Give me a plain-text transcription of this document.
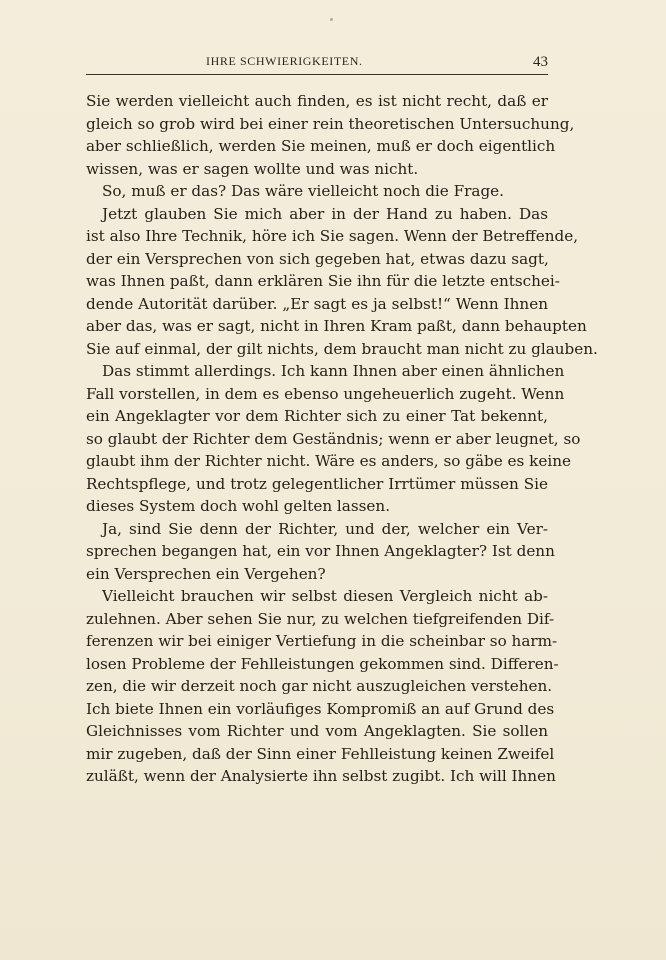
IHRE SCHWIERIGKEITEN.	43
Sie werden vielleicht auch finden, es ist nicht recht, daß er
gleich so grob wird bei einer rein theoretischen Untersuchung,
aber schließlich, werden Sie meinen, muß er doch eigentlich
wissen, was er sagen wollte und was nicht.
So, muß er das? Das wäre vielleicht noch die Frage.
Jetzt glauben Sie mich aber in der Hand zu haben. Das
ist also Ihre Technik, höre ich Sie sagen. Wenn der Betreffende,
der ein Versprechen von sich gegeben hat, etwas dazu sagt,
was Ihnen paßt, dann erklären Sie ihn für die letzte entschei-
dende Autorität darüber. „Er sagt es ja selbst!“ Wenn Ihnen
aber das, was er sagt, nicht in Ihren Kram paßt, dann behaupten
Sie auf einmal, der gilt nichts, dem braucht man nicht zu glauben.
Das stimmt allerdings. Ich kann Ihnen aber einen ähnlichen
Fall vorstellen, in dem es ebenso ungeheuerlich zugeht. Wenn
ein Angeklagter vor dem Richter sich zu einer Tat bekennt,
so glaubt der Richter dem Geständnis; wenn er aber leugnet, so
glaubt ihm der Richter nicht. Wäre es anders, so gäbe es keine
Rechtspflege, und trotz gelegentlicher Irrtümer müssen Sie
dieses System doch wohl gelten lassen.
Ja, sind Sie denn der Richter, und der, welcher ein Ver-
sprechen begangen hat, ein vor Ihnen Angeklagter? Ist denn
ein Versprechen ein Vergehen?
Vielleicht brauchen wir selbst diesen Vergleich nicht ab-
zulehnen. Aber sehen Sie nur, zu welchen tiefgreifenden Dif-
ferenzen wir bei einiger Vertiefung in die scheinbar so harm-
losen Probleme der Fehlleistungen gekommen sind. Differen-
zen, die wir derzeit noch gar nicht auszugleichen verstehen.
Ich biete Ihnen ein vorläufiges Kompromiß an auf Grund des
Gleichnisses vom Richter und vom Angeklagten. Sie sollen
mir zugeben, daß der Sinn einer Fehlleistung keinen Zweifel
zuläßt, wenn der Analysierte ihn selbst zugibt. Ich will Ihnen
